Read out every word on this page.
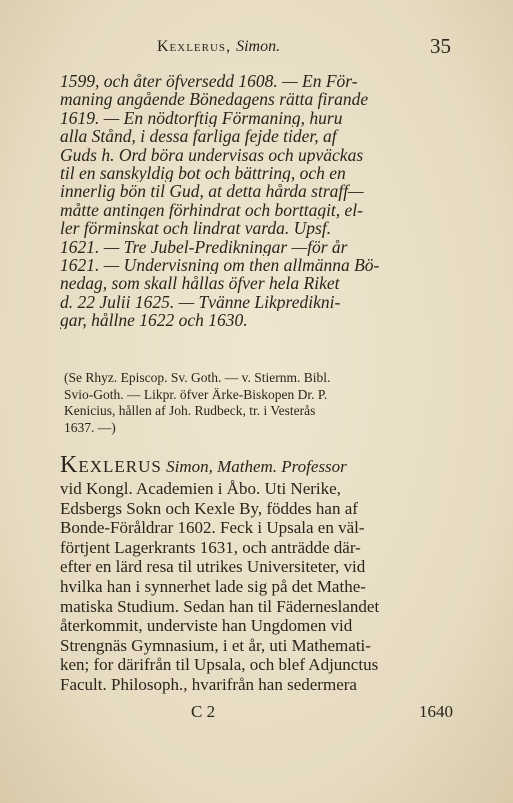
Kexlerus, Simon.	35
1599, och åter öfversedd 1608. — En För-
maning angående Bönedagens rätta firande
1619. — En nödtorftig Förmaning, huru
alla Stånd, i dessa farliga fejde tider, af
Guds h. Ord böra undervisas och upväckas
til en sanskyldig bot och bättring, och en
innerlig bön til Gud, at detta hårda straff—
måtte antingen förhindrat och borttagit, el-
ler förminskat och lindrat varda. Upsf.
1621. — Tre Jubel-Predikningar —för år
1621. — Undervisning om then allmänna Bö-
nedag, som skall hållas öfver hela Riket
d. 22 Julii 1625. — Tvänne Likpredikni-
gar, hållne 1622 och 1630.
(Se Rhyz. Episcop. Sv. Goth. — v. Stiernm. Bibl.
Svio-Goth. — Likpr. öfver Ärke-Biskopen Dr. P.
Kenicius, hållen af Joh. Rudbeck, tr. i Vesterås
1637. —)
Kexlerus Simon, Mathem. Professor
vid Kongl. Academien i Åbo. Uti Nerike,
Edsbergs Sokn och Kexle By, föddes han af
Bonde-Föråldrar 1602. Feck i Upsala en väl-
förtjent Lagerkrants 1631, och anträdde där-
efter en lärd resa til utrikes Universiteter, vid
hvilka han i synnerhet lade sig på det Mathe-
matiska Studium. Sedan han til Fäderneslandet
återkommit, underviste han Ungdomen vid
Strengnäs Gymnasium, i et år, uti Mathemati-
ken; for därifrån til Upsala, och blef Adjunctus
Facult. Philosoph., hvarifrån han sedermera
C 2	1640
